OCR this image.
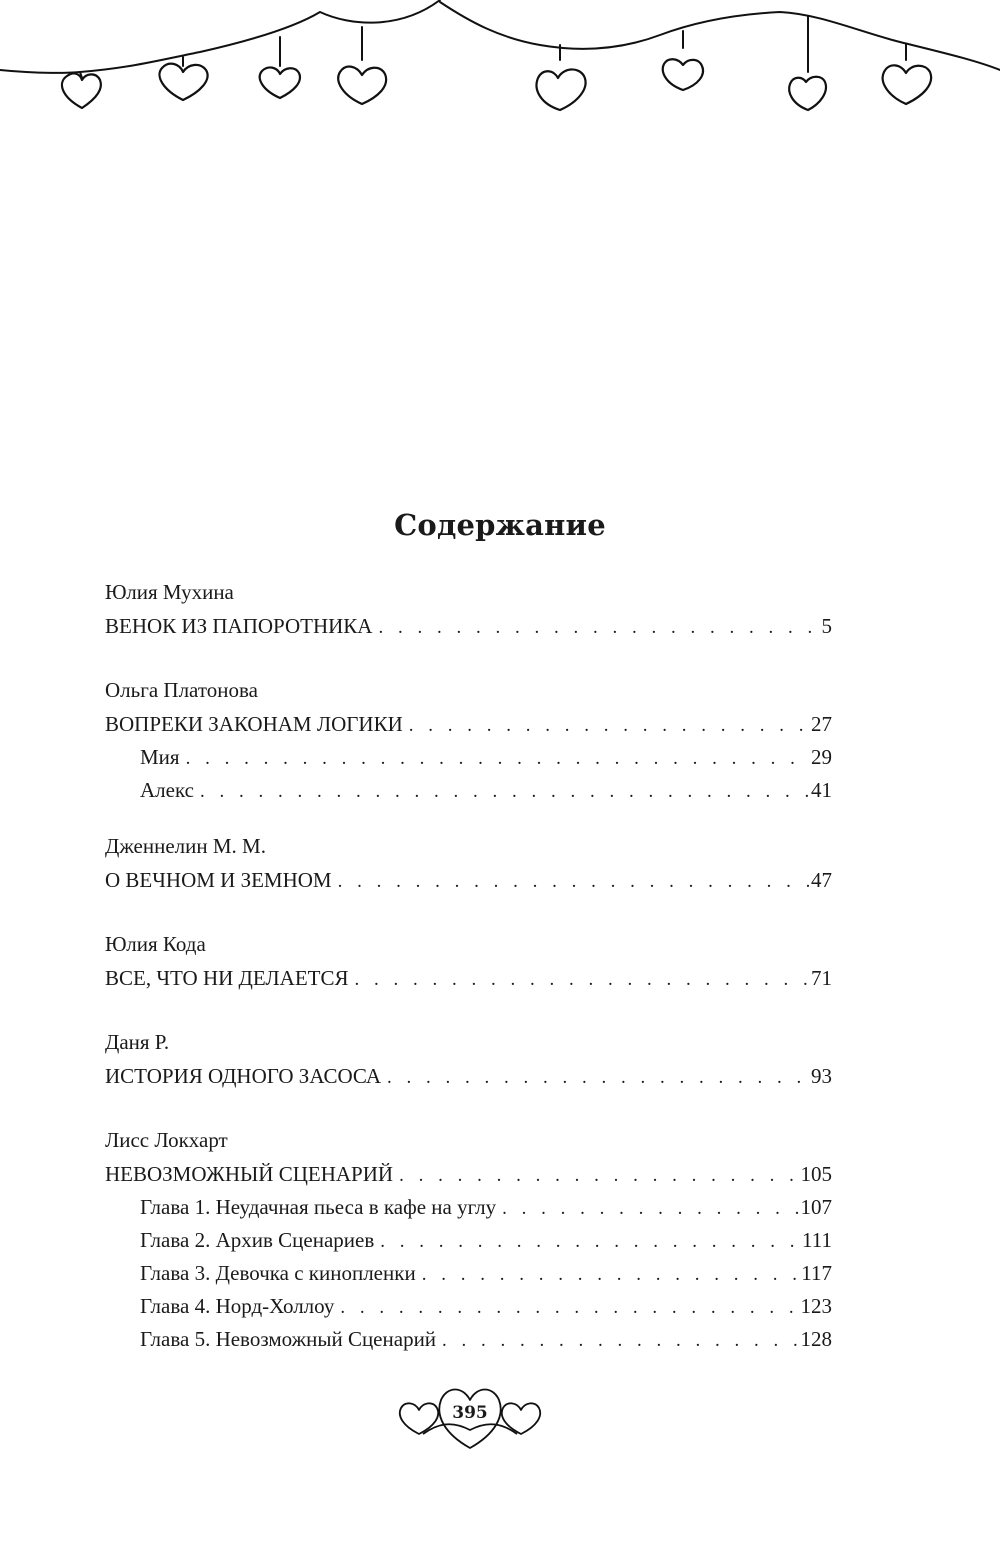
Содержание
Юлия Мухина
ВЕНОК ИЗ ПАПОРОТНИКА . . .	5
Ольга Платонова
ВОПРЕКИ ЗАКОНАМ ЛОГИКИ . . .	27
Мия . . .	29
Алекс . . .	41
Дженнелин М. М.
О ВЕЧНОМ И ЗЕМНОМ . . .	47
Юлия Кода
ВСЕ, ЧТО НИ ДЕЛАЕТСЯ . . .	71
Даня Р.
ИСТОРИЯ ОДНОГО ЗАСОСА . . .	93
Лисс Локхарт
НЕВОЗМОЖНЫЙ СЦЕНАРИЙ . . .	105
Глава 1. Неудачная пьеса в кафе на углу . . .	107
Глава 2. Архив Сценариев . . .	111
Глава 3. Девочка с кинопленки . . .	117
Глава 4. Норд-Холлоу . . .	123
Глава 5. Невозможный Сценарий . . .	128
395
